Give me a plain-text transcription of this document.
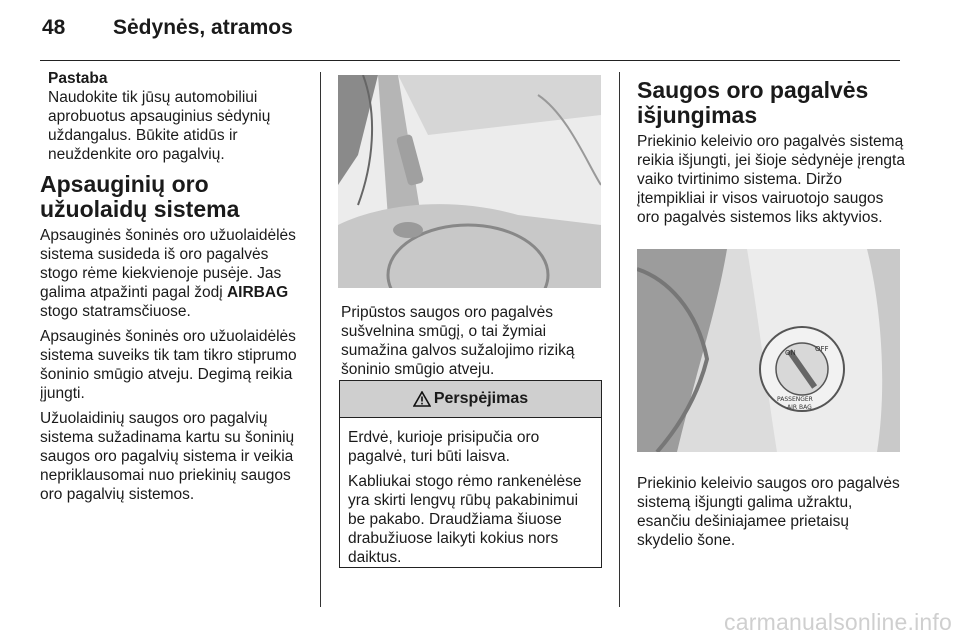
48 Sėdynės, atramos
Pastaba

Naudokite tik jūsų automobiliui aprobuotus apsauginius sėdynių uždangalus. Būkite atidūs ir neuždenkite oro pagalvių.

Apsauginių oro užuolaidų sistema

Apsauginės šoninės oro užuolaidėlės sistema susideda iš oro pagalvės stogo rėme kiekvienoje pusėje. Jas galima atpažinti pagal žodį AIRBAG stogo statramsčiuose.

Apsauginės šoninės oro užuolaidėlės sistema suveiks tik tam tikro stiprumo šoninio smūgio atveju. Degimą reikia įjungti.

Užuolaidinių saugos oro pagalvių sistema sužadinama kartu su šoninių saugos oro pagalvių sistema ir veikia nepriklausomai nuo priekinių saugos oro pagalvių sistemos.

Pripūstos saugos oro pagalvės sušvelnina smūgį, o tai žymiai sumažina galvos sužalojimo riziką šoninio smūgio atveju.

Perspėjimas

Erdvė, kurioje prisipučia oro pagalvė, turi būti laisva.

Kabliukai stogo rėmo rankenėlėse yra skirti lengvų rūbų pakabinimui be pakabo. Draudžiama šiuose drabužiuose laikyti kokius nors daiktus.

Saugos oro pagalvės išjungimas

Priekinio keleivio oro pagalvės sistemą reikia išjungti, jei šioje sėdynėje įrengta vaiko tvirtinimo sistema. Diržo įtempikliai ir visos vairuotojo saugos oro pagalvės sistemos liks aktyvios.

ON	OFF
PASSENGER
AIR BAG

Priekinio keleivio saugos oro pagalvės sistemą išjungti galima užraktu, esančiu dešiniajamee prietaisų skydelio šone.

carmanualsonline.info
